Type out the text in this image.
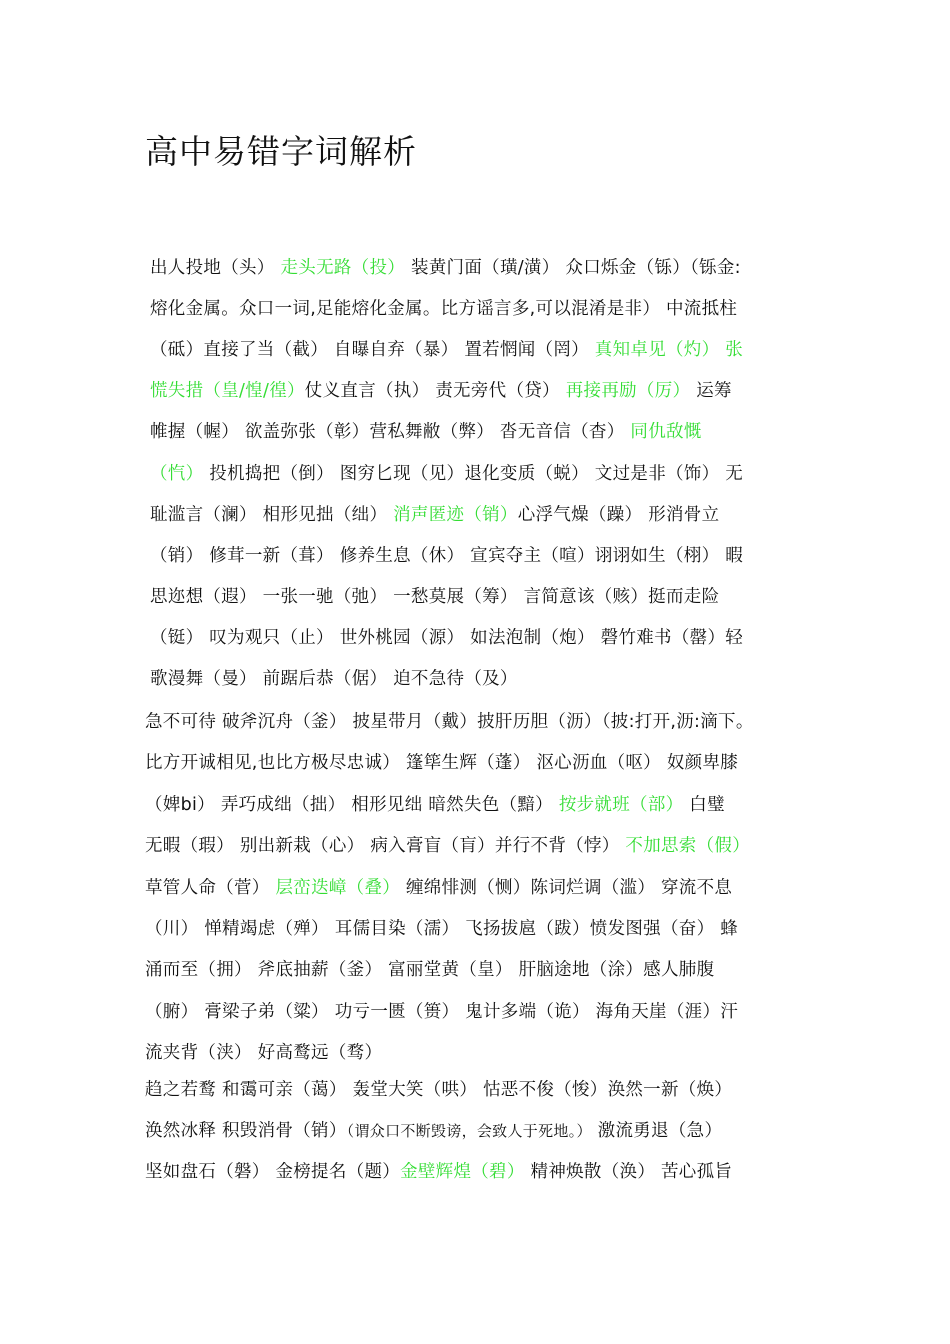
高中易错字词解析
出人投地（头） 走头无路（投） 装黄门面（璜/潢） 众口烁金（铄）（铄金:
熔化金属。众口一词,足能熔化金属。比方谣言多,可以混淆是非） 中流抵柱
（砥）直接了当（截） 自曝自弃（暴） 置若惘闻（罔） 真知卓见（灼） 张
慌失措（皇/惶/徨）仗义直言（执） 责无旁代（贷） 再接再励（厉） 运筹
帷握（幄） 欲盖弥张（彰）营私舞敝（弊） 沓无音信（杳） 同仇敌慨
（忾） 投机捣把（倒） 图穷匕现（见）退化变质（蜕） 文过是非（饰） 无
耻滥言（澜） 相形见拙（绌） 消声匿迹（销）心浮气燥（躁） 形消骨立
（销） 修茸一新（葺） 修养生息（休） 宣宾夺主（喧）诩诩如生（栩） 暇
思迩想（遐） 一张一驰（弛） 一愁莫展（筹） 言简意该（赅）挺而走险
（铤） 叹为观只（止） 世外桃园（源） 如法泡制（炮） 磬竹难书（罄）轻
歌漫舞（曼） 前踞后恭（倨） 迫不急待（及）
急不可待 破斧沉舟（釜） 披星带月（戴）披肝历胆（沥）（披:打开,沥:滴下。
比方开诚相见,也比方极尽忠诚） 篷筚生辉（蓬） 沤心沥血（呕） 奴颜卑膝
（婢bi） 弄巧成绌（拙） 相形见绌 暗然失色（黯） 按步就班（部） 白璧
无暇（瑕） 别出新栽（心） 病入膏盲（肓）并行不背（悖） 不加思索（假）
草管人命（菅） 层峦迭嶂（叠） 缠绵悱测（恻）陈词烂调（滥） 穿流不息
（川） 惮精竭虑（殚） 耳儒目染（濡） 飞扬拔扈（跋）愤发图强（奋） 蜂
涌而至（拥） 斧底抽薪（釜） 富丽堂黄（皇） 肝脑途地（涂）感人肺腹
（腑） 膏梁子弟（粱） 功亏一匮（篑） 鬼计多端（诡） 海角天崖（涯）汗
流夹背（浃） 好高鹜远（骛）
趋之若鹜 和霭可亲（蔼） 轰堂大笑（哄） 怙恶不俊（悛）涣然一新（焕）
涣然冰释 积毁消骨（销）（谓众口不断毁谤，会致人于死地。） 激流勇退（急）
坚如盘石（磐） 金榜提名（题）金壁辉煌（碧） 精神焕散（涣） 苦心孤旨
